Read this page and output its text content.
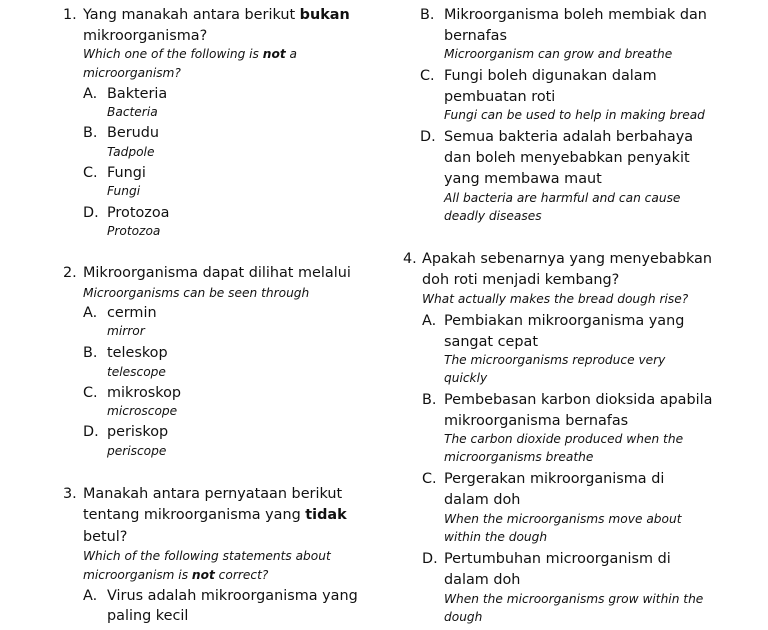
1. Yang manakah antara berikut bukan
mikroorganisma?
Which one of the following is not a
microorganism?
A. Bakteria
Bacteria
B. Berudu
Tadpole
C. Fungi
Fungi
D. Protozoa
Protozoa
2. Mikroorganisma dapat dilihat melalui
Microorganisms can be seen through
A. cermin
mirror
B. teleskop
telescope
C. mikroskop
microscope
D. periskop
periscope
3. Manakah antara pernyataan berikut
tentang mikroorganisma yang tidak
betul?
Which of the following statements about
microorganism is not correct?
A. Virus adalah mikroorganisma yang
paling kecil
B. Mikroorganisma boleh membiak dan
bernafas
Microorganism can grow and breathe
C. Fungi boleh digunakan dalam
pembuatan roti
Fungi can be used to help in making bread
D. Semua bakteria adalah berbahaya
dan boleh menyebabkan penyakit
yang membawa maut
All bacteria are harmful and can cause
deadly diseases
4. Apakah sebenarnya yang menyebabkan
doh roti menjadi kembang?
What actually makes the bread dough rise?
A. Pembiakan mikroorganisma yang
sangat cepat
The microorganisms reproduce very
quickly
B. Pembebasan karbon dioksida apabila
mikroorganisma bernafas
The carbon dioxide produced when the
microorganisms breathe
C. Pergerakan mikroorganisma di
dalam doh
When the microorganisms move about
within the dough
D. Pertumbuhan microorganism di
dalam doh
When the microorganisms grow within the
dough
